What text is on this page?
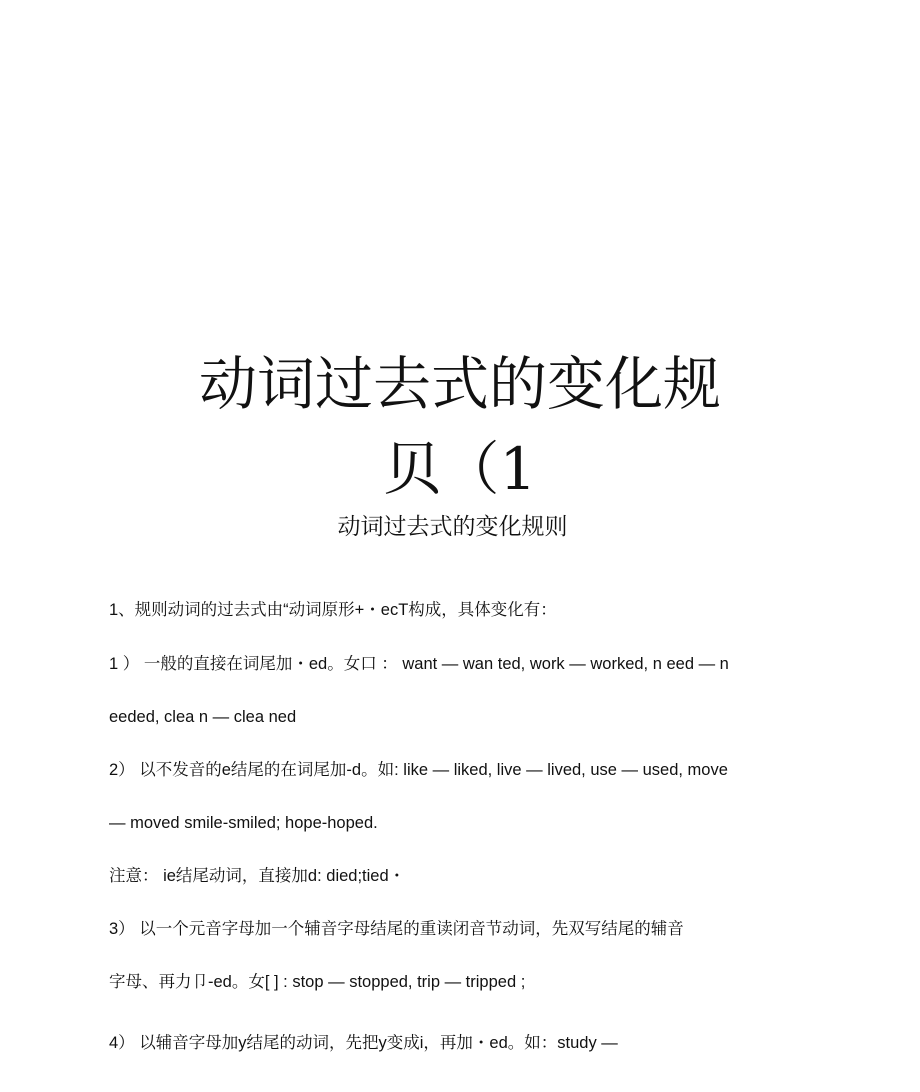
动词过去式的变化规
贝（1
动词过去式的变化规则
1、规则动词的过去式由“动词原形+・ecT构成，具体变化有：
1 ） 一般的直接在词尾加・ed。女口 ： want — wan ted, work — worked, n eed — n
eeded, clea n — clea ned
2） 以不发音的e结尾的在词尾加-d。如: like — liked, live — lived, use — used, move
— moved smile-smiled; hope-hoped.
注意： ie结尾动词，直接加d: died;tied・
3） 以一个元音字母加一个辅音字母结尾的重读闭音节动词，先双写结尾的辅音
字母、再力卩-ed。女[ ] : stop — stopped, trip — tripped ;
4） 以辅音字母加y结尾的动词，先把y变成i，再加・ed。如：study —
